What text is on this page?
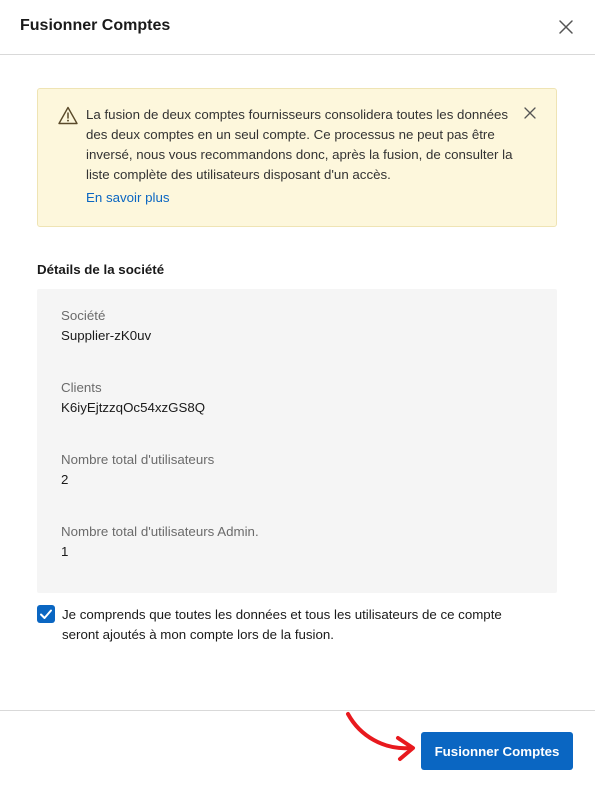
Fusionner Comptes
La fusion de deux comptes fournisseurs consolidera toutes les données des deux comptes en un seul compte. Ce processus ne peut pas être inversé, nous vous recommandons donc, après la fusion, de consulter la liste complète des utilisateurs disposant d'un accès.
En savoir plus
Détails de la société
Société
Supplier-zK0uv
Clients
K6iyEjtzzqOc54xzGS8Q
Nombre total d'utilisateurs
2
Nombre total d'utilisateurs Admin.
1
Je comprends que toutes les données et tous les utilisateurs de ce compte seront ajoutés à mon compte lors de la fusion.
Fusionner Comptes
